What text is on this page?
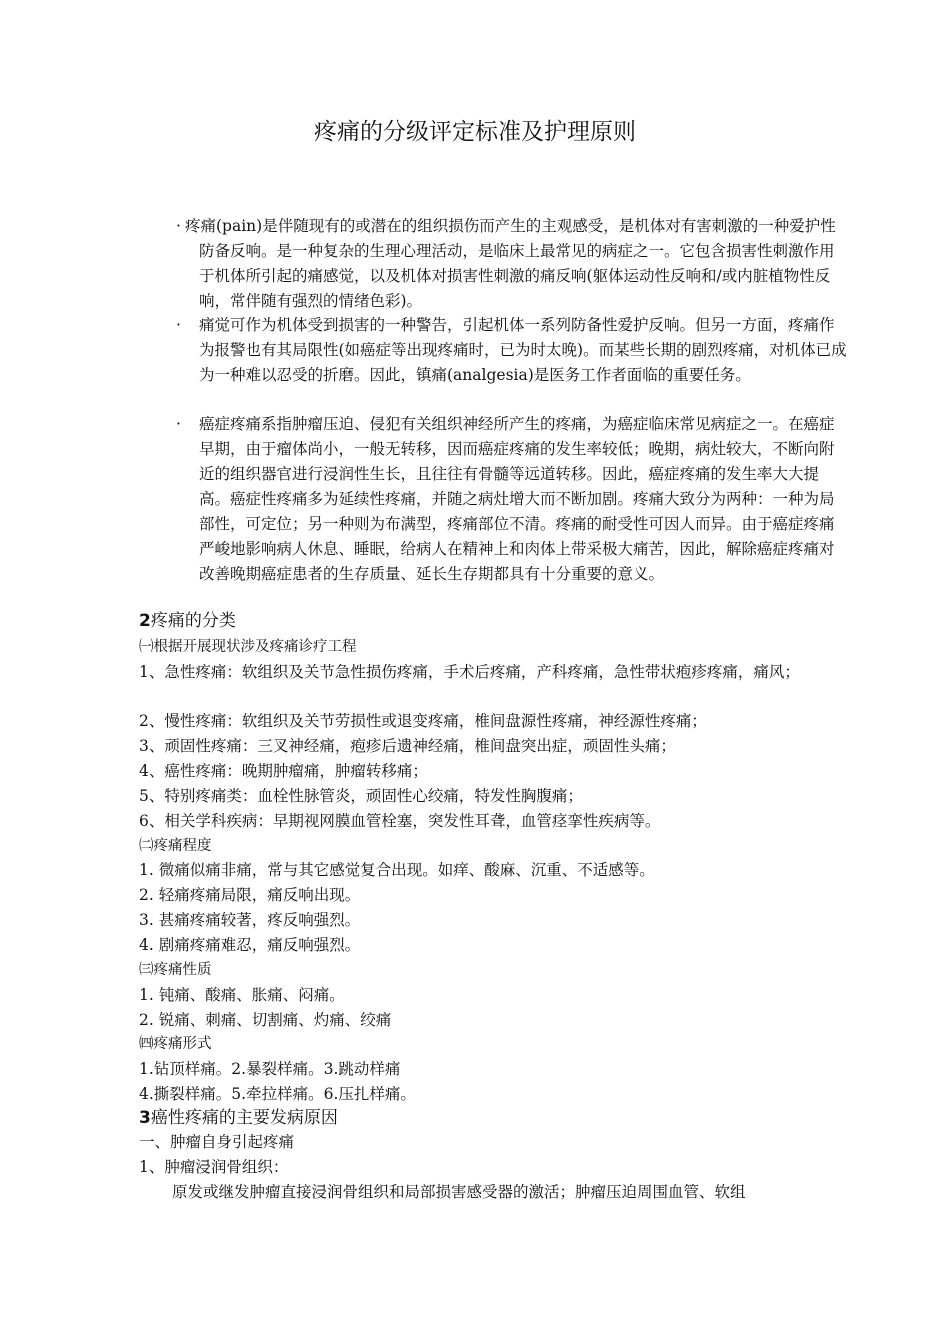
疼痛的分级评定标准及护理原则
· 疼痛(pain)是伴随现有的或潜在的组织损伤而产生的主观感受，是机体对有害刺激的一种爱护性防备反响。是一种复杂的生理心理活动，是临床上最常见的病症之一。它包含损害性刺激作用于机体所引起的痛感觉，以及机体对损害性刺激的痛反响(躯体运动性反响和/或内脏植物性反响，常伴随有强烈的情绪色彩)。
· 痛觉可作为机体受到损害的一种警告，引起机体一系列防备性爱护反响。但另一方面，疼痛作为报警也有其局限性(如癌症等出现疼痛时，已为时太晚)。而某些长期的剧烈疼痛，对机体已成为一种难以忍受的折磨。因此，镇痛(analgesia)是医务工作者面临的重要任务。
· 癌症疼痛系指肿瘤压迫、侵犯有关组织神经所产生的疼痛，为癌症临床常见病症之一。在癌症早期，由于瘤体尚小，一般无转移，因而癌症疼痛的发生率较低；晚期，病灶较大，不断向附近的组织器官进行浸润性生长，且往往有骨髓等远道转移。因此，癌症疼痛的发生率大大提高。癌症性疼痛多为延续性疼痛，并随之病灶增大而不断加剧。疼痛大致分为两种：一种为局部性，可定位；另一种则为布满型，疼痛部位不清。疼痛的耐受性可因人而异。由于癌症疼痛严峻地影响病人休息、睡眠，给病人在精神上和肉体上带采极大痛苦，因此，解除癌症疼痛对改善晚期癌症患者的生存质量、延长生存期都具有十分重要的意义。
2疼痛的分类
㈠根据开展现状涉及疼痛诊疗工程
1、急性疼痛：软组织及关节急性损伤疼痛，手术后疼痛，产科疼痛，急性带状疱疹疼痛，痛风；
2、慢性疼痛：软组织及关节劳损性或退变疼痛，椎间盘源性疼痛，神经源性疼痛；
3、顽固性疼痛：三叉神经痛，疱疹后遗神经痛，椎间盘突出症，顽固性头痛；
4、癌性疼痛：晚期肿瘤痛，肿瘤转移痛；
5、特别疼痛类：血栓性脉管炎，顽固性心绞痛，特发性胸腹痛；
6、相关学科疾病：早期视网膜血管栓塞，突发性耳聋，血管痉挛性疾病等。
㈡疼痛程度
1. 微痛似痛非痛，常与其它感觉复合出现。如痒、酸麻、沉重、不适感等。
2. 轻痛疼痛局限，痛反响出现。
3. 甚痛疼痛较著，疼反响强烈。
4. 剧痛疼痛难忍，痛反响强烈。
㈢疼痛性质
1. 钝痛、酸痛、胀痛、闷痛。
2. 锐痛、刺痛、切割痛、灼痛、绞痛
㈣疼痛形式
1.钻顶样痛。2.暴裂样痛。3.跳动样痛
4.撕裂样痛。5.牵拉样痛。6.压扎样痛。
3癌性疼痛的主要发病原因
一、肿瘤自身引起疼痛
1、肿瘤浸润骨组织：
原发或继发肿瘤直接浸润骨组织和局部损害感受器的激活；肿瘤压迫周围血管、软组
